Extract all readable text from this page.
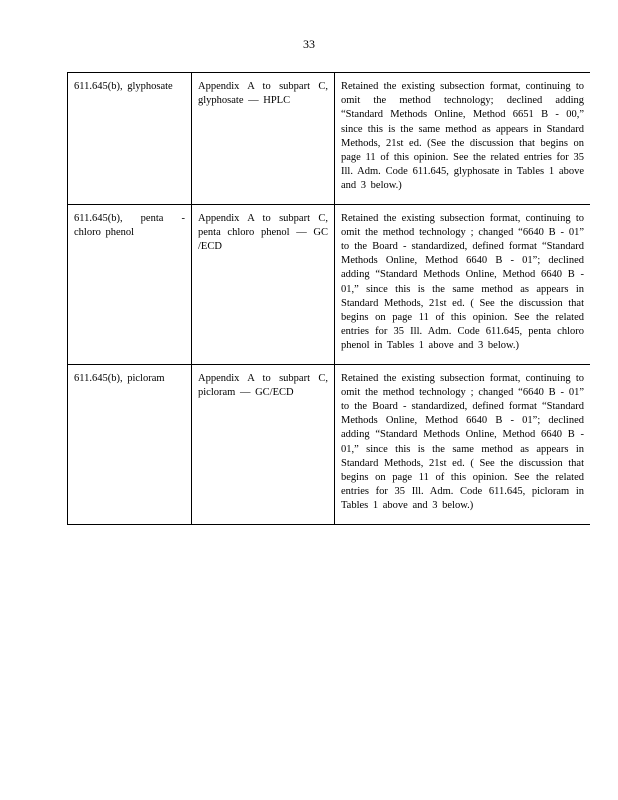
33
611.645(b), glyphosate	Appendix A to subpart C, glyphosate — HPLC	Retained the existing subsection format, continuing to omit the method technology; declined adding “Standard Methods Online, Method 6651 B - 00,” since this is the same method as appears in Standard Methods, 21st ed. (See the discussion that begins on page 11 of this opinion. See the related entries for 35 Ill. Adm. Code 611.645, glyphosate in Tables 1 above and 3 below.)

611.645(b), penta - chloro phenol	Appendix A to subpart C, penta chloro phenol — GC /ECD	Retained the existing subsection format, continuing to omit the method technology ; changed “6640 B - 01” to the Board - standardized, defined format “Standard Methods Online, Method 6640 B - 01”; declined adding “Standard Methods Online, Method 6640 B - 01,” since this is the same method as appears in Standard Methods, 21st ed. ( See the discussion that begins on page 11 of this opinion. See the related entries for 35 Ill. Adm. Code 611.645, penta chloro phenol in Tables 1 above and 3 below.)

611.645(b), picloram	Appendix A to subpart C, picloram — GC/ECD	Retained the existing subsection format, continuing to omit the method technology ; changed “6640 B - 01” to the Board - standardized, defined format “Standard Methods Online, Method 6640 B - 01”; declined adding “Standard Methods Online, Method 6640 B - 01,” since this is the same method as appears in Standard Methods, 21st ed. ( See the discussion that begins on page 11 of this opinion. See the related entries for 35 Ill. Adm. Code 611.645, picloram in Tables 1 above and 3 below.)
